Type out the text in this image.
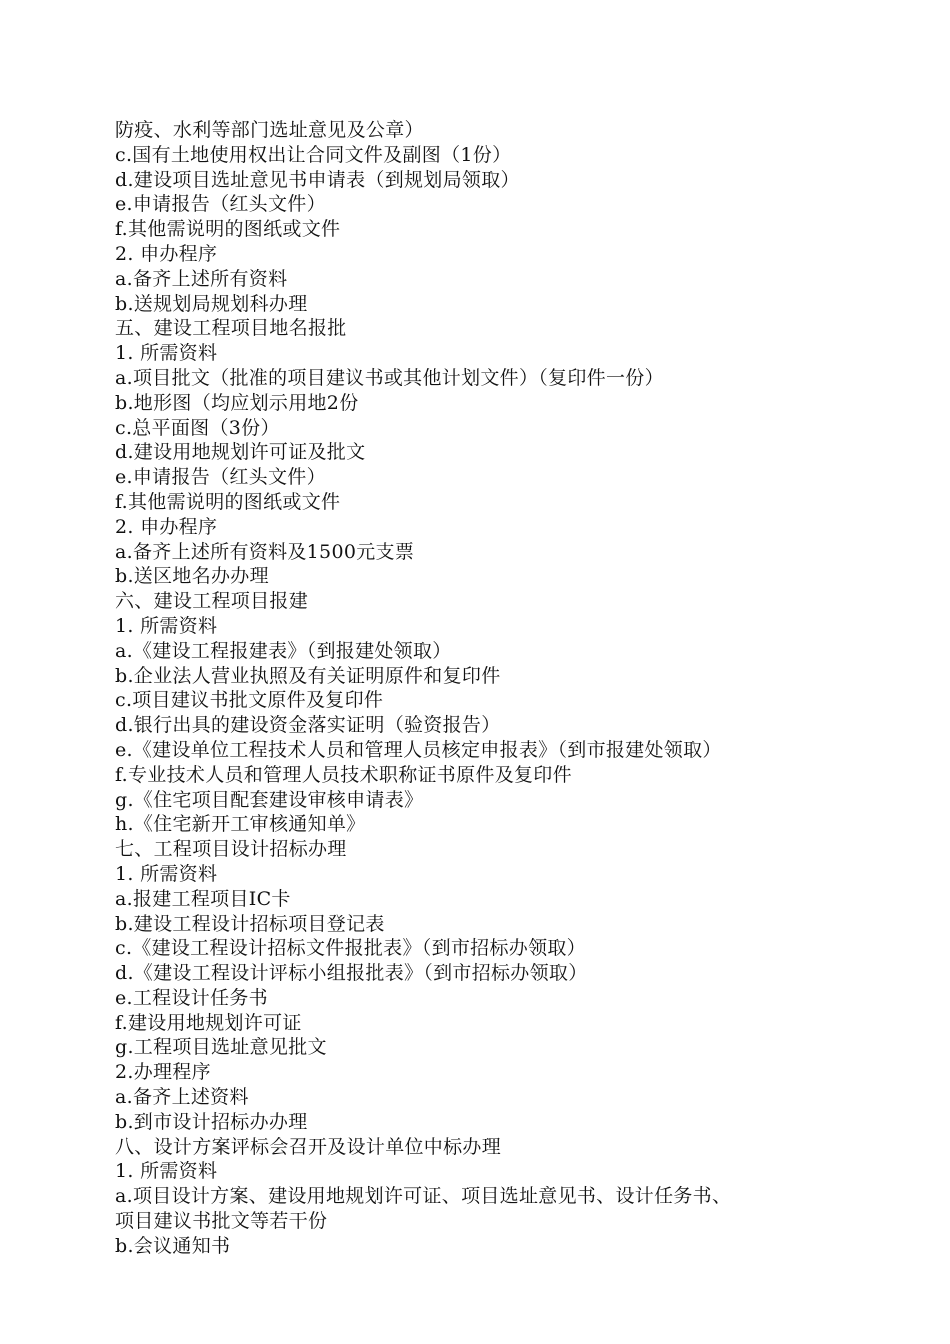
防疫、水利等部门选址意见及公章）
c.国有土地使用权出让合同文件及副图（1份）
d.建设项目选址意见书申请表（到规划局领取）
e.申请报告（红头文件）
f.其他需说明的图纸或文件
2. 申办程序
a.备齐上述所有资料
b.送规划局规划科办理
五、建设工程项目地名报批
1. 所需资料
a.项目批文（批准的项目建议书或其他计划文件）（复印件一份）
b.地形图（均应划示用地2份
c.总平面图（3份）
d.建设用地规划许可证及批文
e.申请报告（红头文件）
f.其他需说明的图纸或文件
2. 申办程序
a.备齐上述所有资料及1500元支票
b.送区地名办办理
六、建设工程项目报建
1. 所需资料
a.《建设工程报建表》（到报建处领取）
b.企业法人营业执照及有关证明原件和复印件
c.项目建议书批文原件及复印件
d.银行出具的建设资金落实证明（验资报告）
e.《建设单位工程技术人员和管理人员核定申报表》（到市报建处领取）
f.专业技术人员和管理人员技术职称证书原件及复印件
g.《住宅项目配套建设审核申请表》
h.《住宅新开工审核通知单》
七、工程项目设计招标办理
1. 所需资料
a.报建工程项目IC卡
b.建设工程设计招标项目登记表
c.《建设工程设计招标文件报批表》（到市招标办领取）
d.《建设工程设计评标小组报批表》（到市招标办领取）
e.工程设计任务书
f.建设用地规划许可证
g.工程项目选址意见批文
2.办理程序
a.备齐上述资料
b.到市设计招标办办理
八、设计方案评标会召开及设计单位中标办理
1. 所需资料
a.项目设计方案、建设用地规划许可证、项目选址意见书、设计任务书、
项目建议书批文等若干份
b.会议通知书
